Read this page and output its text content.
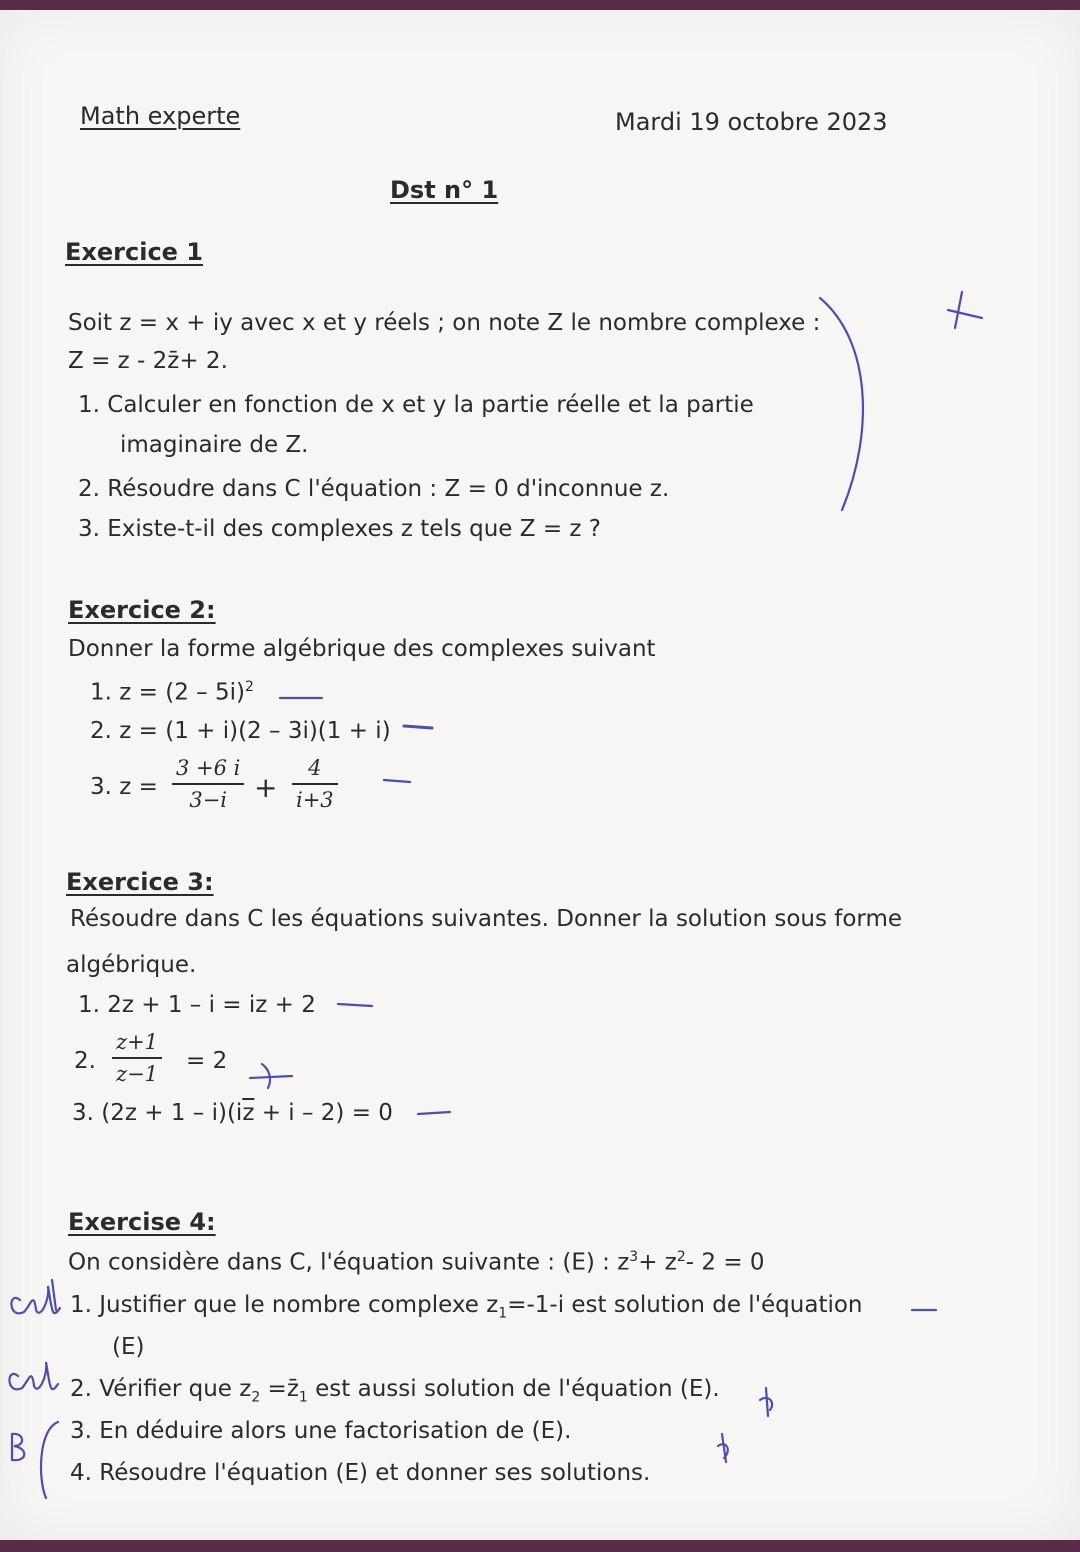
Math experte	Mardi 19 octobre 2023
Dst n° 1
Exercice 1
Soit z = x + iy avec x et y réels ; on note Z le nombre complexe :
Z = z - 2z̄+ 2.
1. Calculer en fonction de x et y la partie réelle et la partie
imaginaire de Z.
2. Résoudre dans C l'équation : Z = 0 d'inconnue z.
3. Existe-t-il des complexes z tels que Z = z ?
Exercice 2:
Donner la forme algébrique des complexes suivant
1. z = (2 – 5i)$^2$
2. z = (1 + i)(2 – 3i)(1 + i)
3. $z = \frac{3 +6 i}{3-i} + \frac{4}{i+3}$
Exercice 3:
Résoudre dans C les équations suivantes. Donner la solution sous forme
algébrique.
1. 2z + 1 – i = iz + 2
2. $\frac{z+1}{z-1} = 2$
3. $(2z + 1 - i)(i\overline{z} + i - 2) = 0$
Exercise 4:
On considère dans C, l'équation suivante : (E) : $z^3+ z^2-$ 2 = 0
1. Justifier que le nombre complexe $z_1=-1-i$ est solution de l'équation
(E)
2. Vérifier que $z_2$ $=z̄_1$ est aussi solution de l'équation (E).
3. En déduire alors une factorisation de (E).
4. Résoudre l'équation (E) et donner ses solutions.
